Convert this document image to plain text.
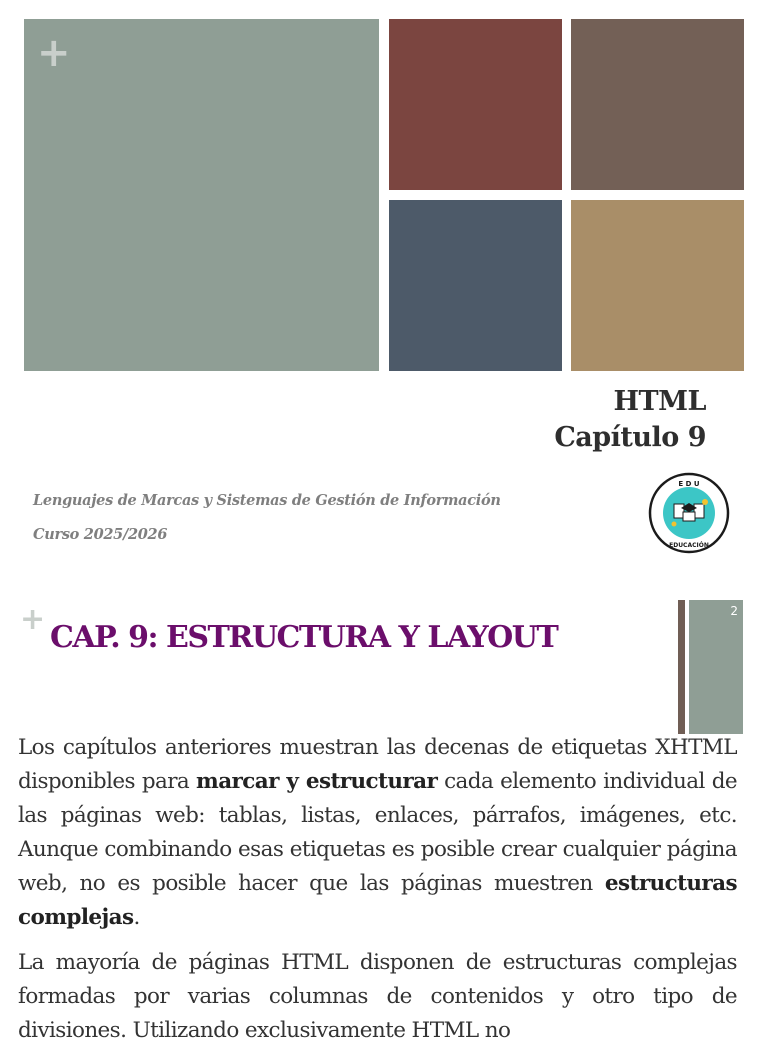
+
HTML
Capítulo 9
Lenguajes de Marcas y Sistemas de Gestión de Información
Curso 2025/2026
E D U
EDUCACIÓN
+
CAP. 9: ESTRUCTURA Y LAYOUT
2

Los capítulos anteriores muestran las decenas de etiquetas XHTML disponibles para marcar y estructurar cada elemento individual de las páginas web: tablas, listas, enlaces, párrafos, imágenes, etc. Aunque combinando esas etiquetas es posible crear cualquier página web, no es posible hacer que las páginas muestren estructuras complejas.

La mayoría de páginas HTML disponen de estructuras complejas formadas por varias columnas de contenidos y otro tipo de divisiones. Utilizando exclusivamente HTML no
